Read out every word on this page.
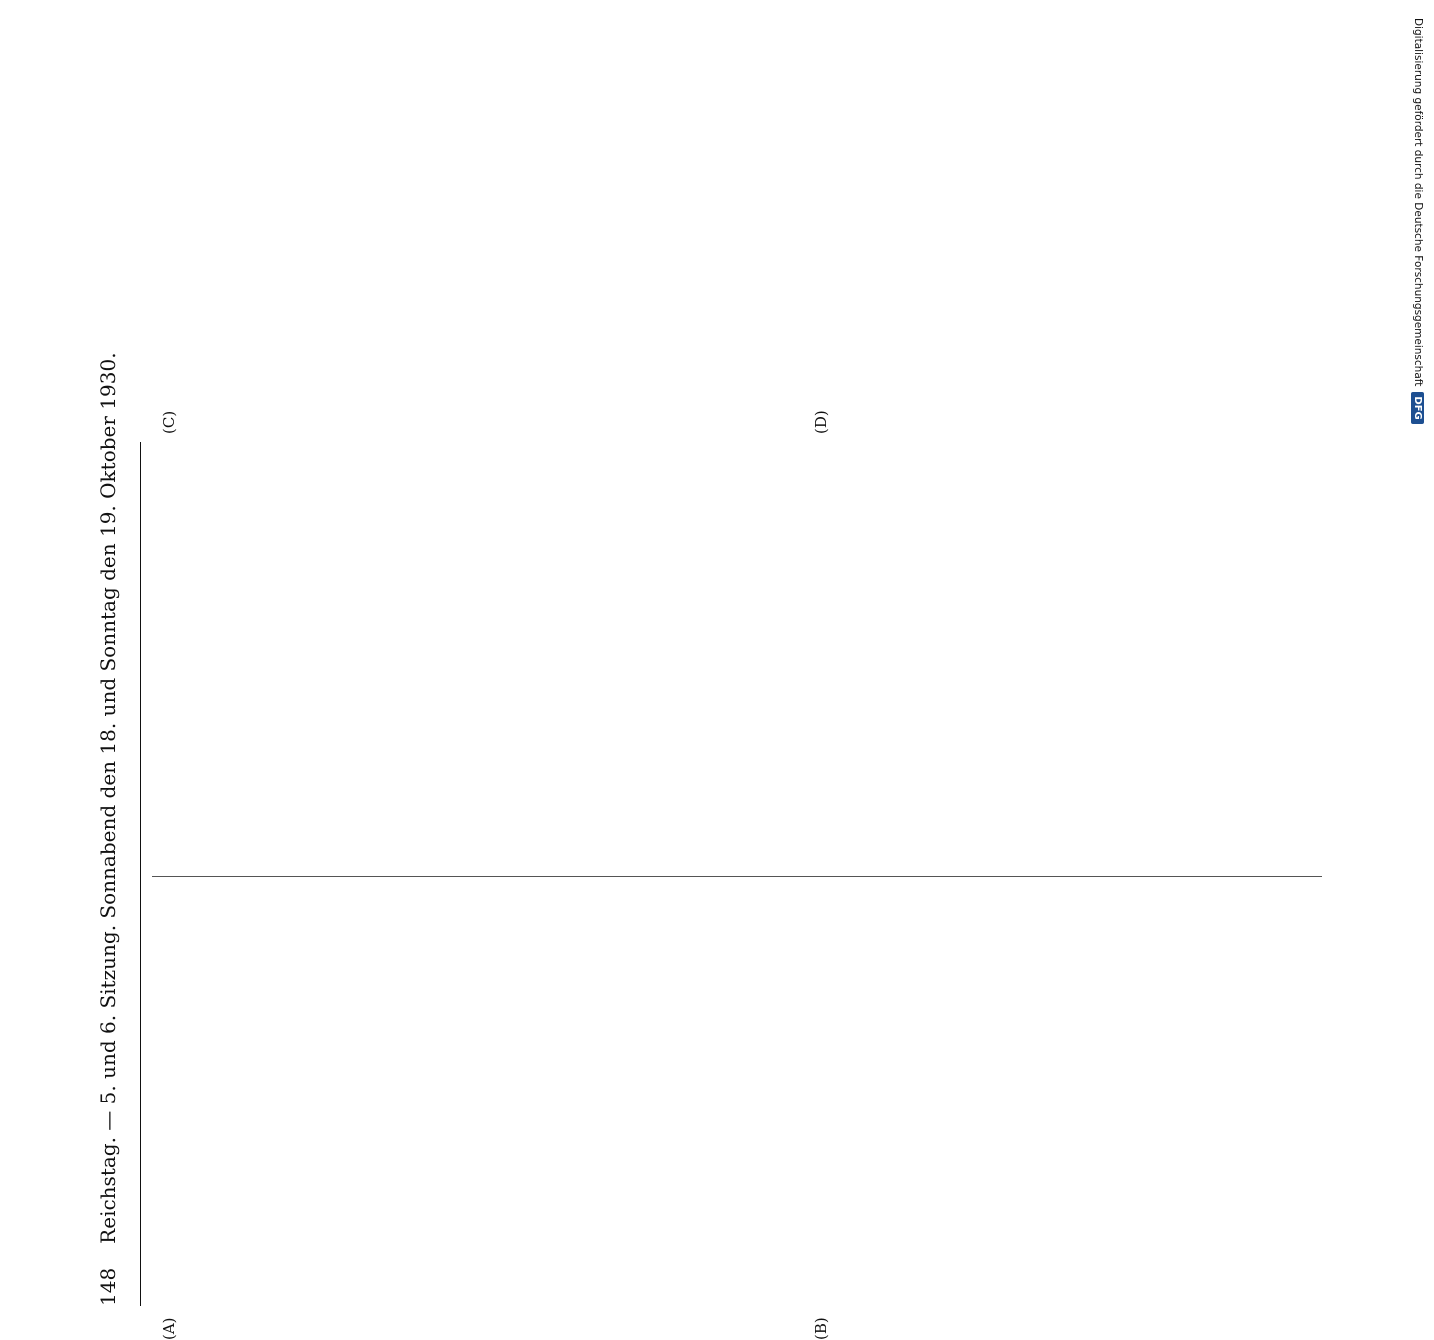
148
Reichstag. — 5. und 6. Sitzung. Sonnabend den 18. und Sonntag den 19. Oktober 1930.

(A)	(B)
(C)	(D)
Digitalisierung gefördert durch die Deutsche Forschungsgemeinschaft
DFG
